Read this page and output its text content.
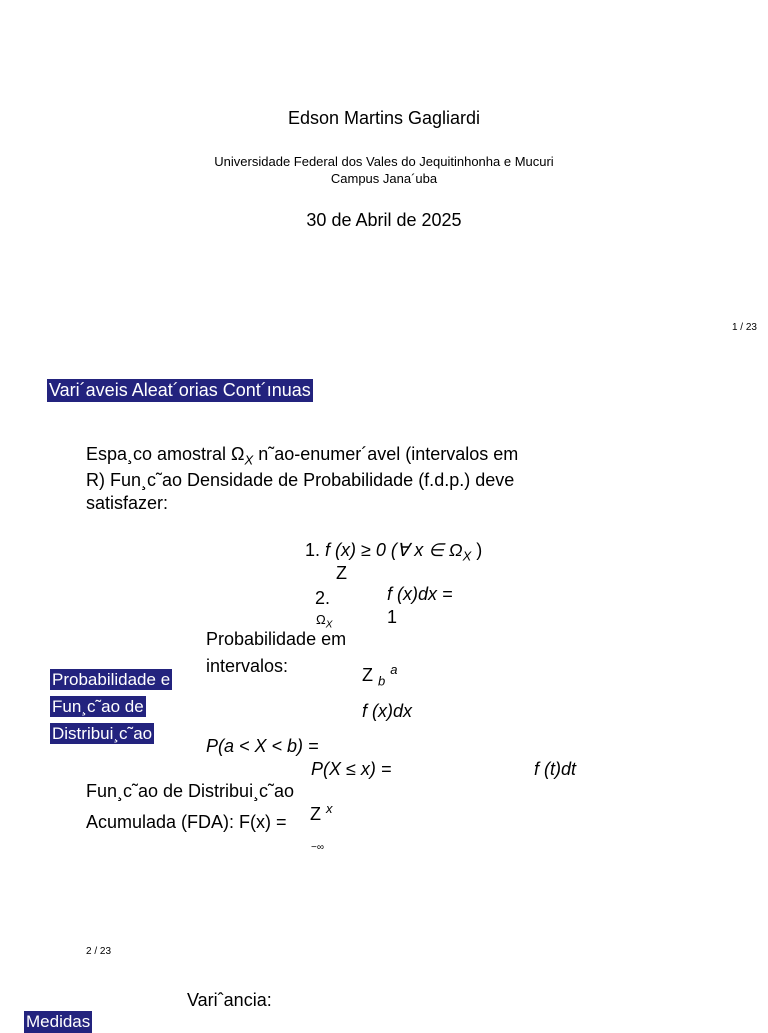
Edson Martins Gagliardi
Universidade Federal dos Vales do Jequitinhonha e Mucuri
Campus Jana´uba
30 de Abril de 2025
1 / 23
Vari´aveis Aleat´orias Cont´ınuas
Espa¸co amostral $\Omega_X$ n˜ao-enumer´avel (intervalos em
R) Fun¸c˜ao Densidade de Probabilidade (f.d.p.) deve
satisfazer:
1. f (x) ≥ 0 (∀ x ∈ $\Omega_X$ )
Z
2.
$\Omega_X$
f (x)dx =
1
Probabilidade e
Fun¸c˜ao de
Distribui¸c˜ao
Probabilidade em
intervalos:	Z $_b$ $^a$
f (x)dx
P(a < X < b) =
P(X ≤ x) =	f (t)dt
Fun¸c˜ao de Distribui¸c˜ao
Acumulada (FDA): F(x) = Z $^x$
−∞
2 / 23
Variˆancia:
Medidas
